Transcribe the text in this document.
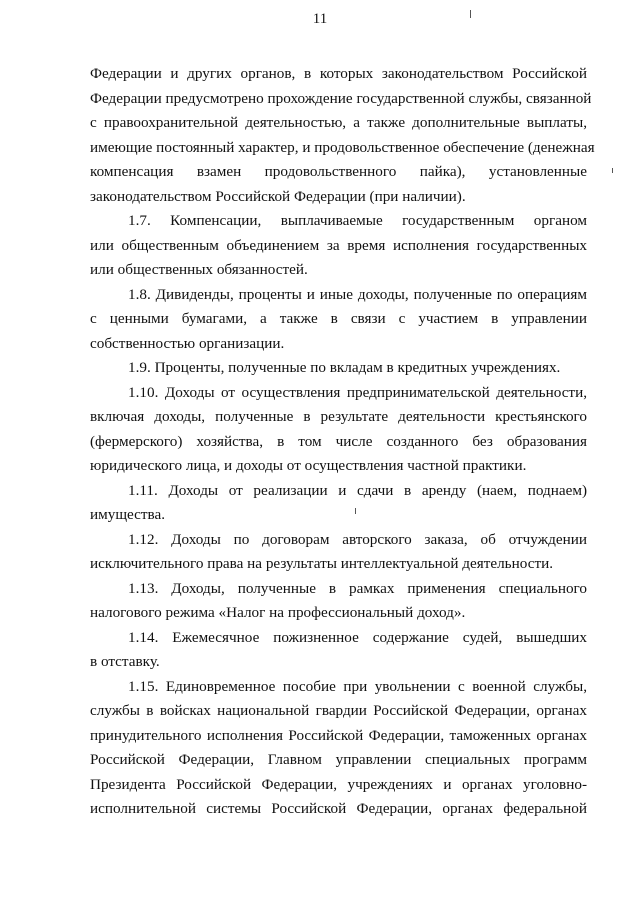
11
Федерации и других органов, в которых законодательством Российской
Федерации предусмотрено прохождение государственной службы, связанной
с правоохранительной деятельностью, а также дополнительные выплаты,
имеющие постоянный характер, и продовольственное обеспечение (денежная
компенсация взамен продовольственного пайка), установленные
законодательством Российской Федерации (при наличии).
1.7. Компенсации, выплачиваемые государственным органом
или общественным объединением за время исполнения государственных
или общественных обязанностей.
1.8. Дивиденды, проценты и иные доходы, полученные по операциям
с ценными бумагами, а также в связи с участием в управлении
собственностью организации.
1.9. Проценты, полученные по вкладам в кредитных учреждениях.
1.10. Доходы от осуществления предпринимательской деятельности,
включая доходы, полученные в результате деятельности крестьянского
(фермерского) хозяйства, в том числе созданного без образования
юридического лица, и доходы от осуществления частной практики.
1.11. Доходы от реализации и сдачи в аренду (наем, поднаем)
имущества.
1.12. Доходы по договорам авторского заказа, об отчуждении
исключительного права на результаты интеллектуальной деятельности.
1.13. Доходы, полученные в рамках применения специального
налогового режима «Налог на профессиональный доход».
1.14. Ежемесячное пожизненное содержание судей, вышедших
в отставку.
1.15. Единовременное пособие при увольнении с военной службы,
службы в войсках национальной гвардии Российской Федерации, органах
принудительного исполнения Российской Федерации, таможенных органах
Российской Федерации, Главном управлении специальных программ
Президента Российской Федерации, учреждениях и органах уголовно-
исполнительной системы Российской Федерации, органах федеральной
